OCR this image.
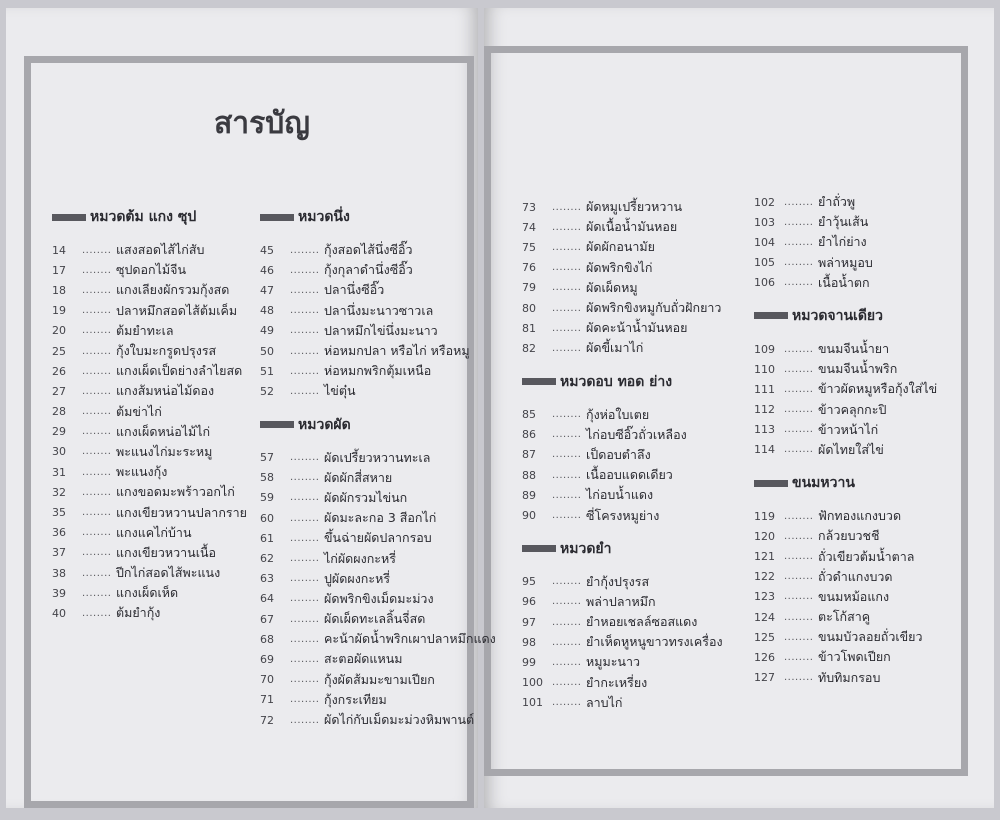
สารบัญ
หมวดต้ม แกง ซุป
14	........ แสงสอดไส้ไก่สับ
17	........ ซุปดอกไม้จีน
18	........ แกงเลียงผักรวมกุ้งสด
19	........ ปลาหมึกสอดไส้ต้มเค็ม
20	........ ต้มยำทะเล
25	........ กุ้งใบมะกรูดปรุงรส
26	........ แกงเผ็ดเป็ดย่างลำไยสด
27	........ แกงส้มหน่อไม้ดอง
28	........ ต้มข่าไก่
29	........ แกงเผ็ดหน่อไม้ไก่
30	........ พะแนงไก่มะระหมู
31	........ พะแนงกุ้ง
32	........ แกงขอดมะพร้าวอกไก่
35	........ แกงเขียวหวานปลากราย
36	........ แกงแคไก่บ้าน
37	........ แกงเขียวหวานเนื้อ
38	........ ปีกไก่สอดไส้พะแนง
39	........ แกงเผ็ดเห็ด
40	........ ต้มยำกุ้ง
หมวดนึ่ง
45	........ กุ้งสอดไส้นึ่งซีอิ๊ว
46	........ กุ้งกุลาดำนึ่งซีอิ๊ว
47	........ ปลานึ่งซีอิ๊ว
48	........ ปลานึ่งมะนาวซาวเล
49	........ ปลาหมึกไข่นึ่งมะนาว
50	........ ห่อหมกปลา หรือไก่ หรือหมู
51	........ ห่อหมกพริกตุ้มเหนือ
52	........ ไข่ตุ๋น
หมวดผัด
57	........ ผัดเปรี้ยวหวานทะเล
58	........ ผัดผักสี่สหาย
59	........ ผัดผักรวมไข่นก
60	........ ผัดมะละกอ 3 สีอกไก่
61	........ ขึ้นฉ่ายผัดปลากรอบ
62	........ ไก่ผัดผงกะหรี่
63	........ ปูผัดผงกะหรี่
64	........ ผัดพริกขิงเม็ดมะม่วง
67	........ ผัดเผ็ดทะเลลิ้นจี่สด
68	........ คะน้าผัดน้ำพริกเผาปลาหมึกแดง
69	........ สะตอผัดแหนม
70	........ กุ้งผัดส้มมะขามเปียก
71	........ กุ้งกระเทียม
72	........ ผัดไก่กับเม็ดมะม่วงหิมพานต์
73	........ ผัดหมูเปรี้ยวหวาน
74	........ ผัดเนื้อน้ำมันหอย
75	........ ผัดผักอนามัย
76	........ ผัดพริกขิงไก่
79	........ ผัดเผ็ดหมู
80	........ ผัดพริกขิงหมูกับถั่วฝักยาว
81	........ ผัดคะน้าน้ำมันหอย
82	........ ผัดขี้เมาไก่
หมวดอบ ทอด ย่าง
85	........ กุ้งห่อใบเตย
86	........ ไก่อบซีอิ๊วถั่วเหลือง
87	........ เป็ดอบตำลึง
88	........ เนื้ออบแดดเดียว
89	........ ไก่อบน้ำแดง
90	........ ซี่โครงหมูย่าง
หมวดยำ
95	........ ยำกุ้งปรุงรส
96	........ พล่าปลาหมึก
97	........ ยำหอยเชลล์ซอสแดง
98	........ ยำเห็ดหูหนูขาวทรงเครื่อง
99	........ หมูมะนาว
100 ........ ยำกะเหรี่ยง
101 ........ ลาบไก่
102 ........ ยำถั่วพู
103 ........ ยำวุ้นเส้น
104 ........ ยำไก่ย่าง
105 ........ พล่าหมูอบ
106 ........ เนื้อน้ำตก
หมวดจานเดียว
109 ........ ขนมจีนน้ำยา
110 ........ ขนมจีนน้ำพริก
111 ........ ข้าวผัดหมูหรือกุ้งใส่ไข่
112 ........ ข้าวคลุกกะปิ
113 ........ ข้าวหน้าไก่
114 ........ ผัดไทยใส่ไข่
ขนมหวาน
119 ........ ฟักทองแกงบวด
120 ........ กล้วยบวชชี
121 ........ ถั่วเขียวต้มน้ำตาล
122 ........ ถั่วดำแกงบวด
123 ........ ขนมหม้อแกง
124 ........ ตะโก้สาคู
125 ........ ขนมบัวลอยถั่วเขียว
126 ........ ข้าวโพดเปียก
127 ........ ทับทิมกรอบ
